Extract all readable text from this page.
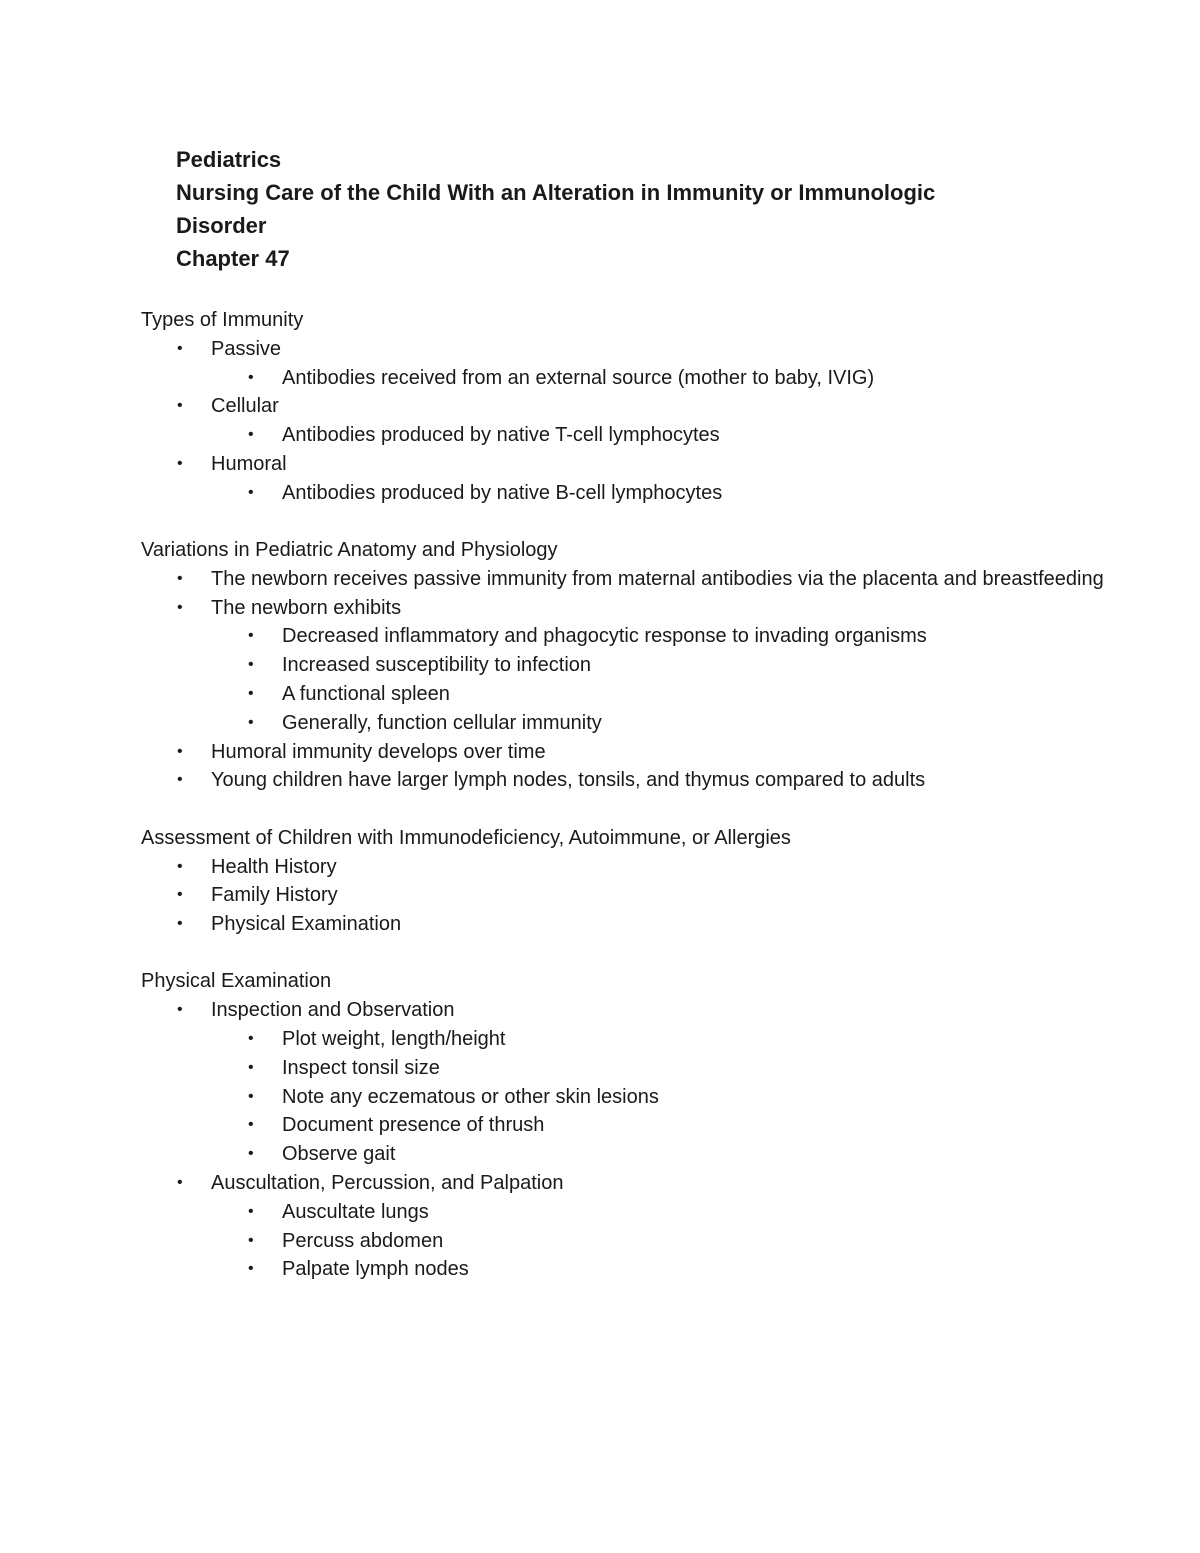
Pediatrics
Nursing Care of the Child With an Alteration in Immunity or Immunologic
Disorder
Chapter 47
Types of Immunity
• Passive
• Antibodies received from an external source (mother to baby, IVIG)
• Cellular
• Antibodies produced by native T-cell lymphocytes
• Humoral
• Antibodies produced by native B-cell lymphocytes
Variations in Pediatric Anatomy and Physiology
• The newborn receives passive immunity from maternal antibodies via the placenta and breastfeeding
• The newborn exhibits
• Decreased inflammatory and phagocytic response to invading organisms
• Increased susceptibility to infection
• A functional spleen
• Generally, function cellular immunity
• Humoral immunity develops over time
• Young children have larger lymph nodes, tonsils, and thymus compared to adults
Assessment of Children with Immunodeficiency, Autoimmune, or Allergies
• Health History
• Family History
• Physical Examination
Physical Examination
• Inspection and Observation
• Plot weight, length/height
• Inspect tonsil size
• Note any eczematous or other skin lesions
• Document presence of thrush
• Observe gait
• Auscultation, Percussion, and Palpation
• Auscultate lungs
• Percuss abdomen
• Palpate lymph nodes
